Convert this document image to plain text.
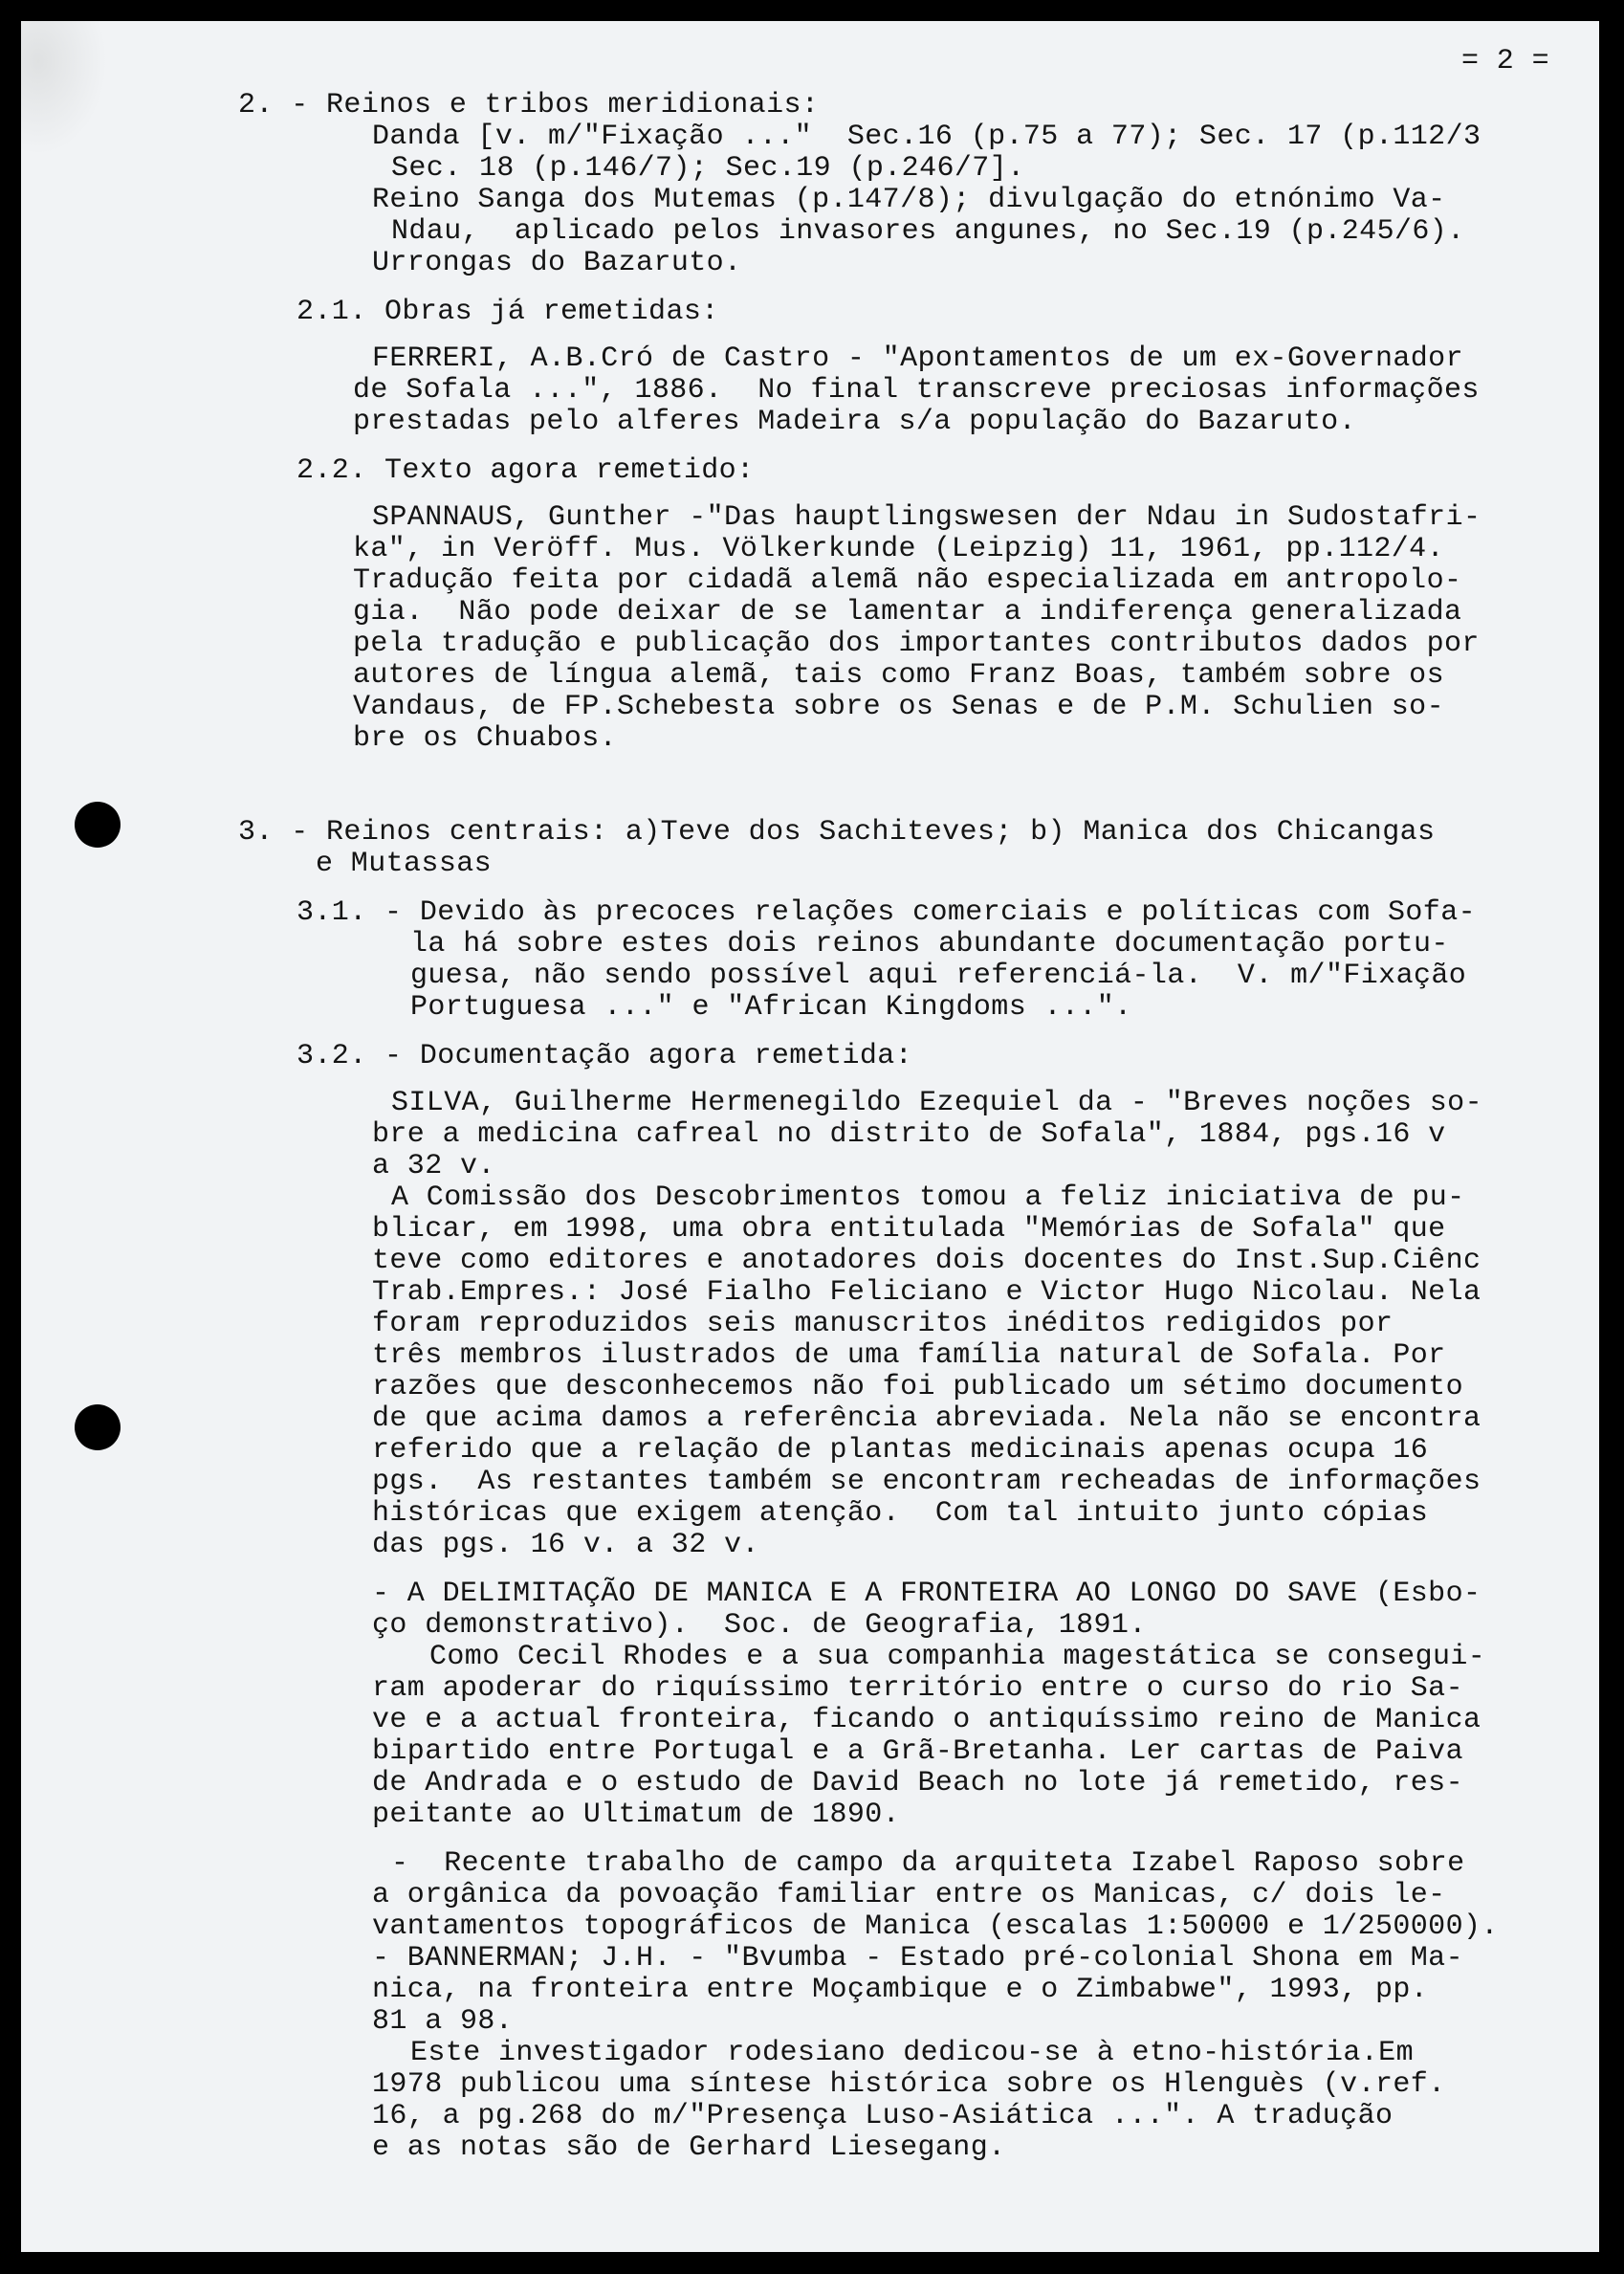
= 2 =
2. - Reinos e tribos meridionais:
Danda [v. m/"Fixação ..."  Sec.16 (p.75 a 77); Sec. 17 (p.112/3
Sec. 18 (p.146/7); Sec.19 (p.246/7].
Reino Sanga dos Mutemas (p.147/8); divulgação do etnónimo Va-
Ndau,  aplicado pelos invasores angunes, no Sec.19 (p.245/6).
Urrongas do Bazaruto.
2.1. Obras já remetidas:
FERRERI, A.B.Cró de Castro - "Apontamentos de um ex-Governador
de Sofala ...", 1886.  No final transcreve preciosas informações
prestadas pelo alferes Madeira s/a população do Bazaruto.
2.2. Texto agora remetido:
SPANNAUS, Gunther -"Das hauptlingswesen der Ndau in Sudostafri-
ka", in Veröff. Mus. Völkerkunde (Leipzig) 11, 1961, pp.112/4.
Tradução feita por cidadã alemã não especializada em antropolo-
gia.  Não pode deixar de se lamentar a indiferença generalizada
pela tradução e publicação dos importantes contributos dados por
autores de língua alemã, tais como Franz Boas, também sobre os
Vandaus, de FP.Schebesta sobre os Senas e de P.M. Schulien so-
bre os Chuabos.
3. - Reinos centrais: a)Teve dos Sachiteves; b) Manica dos Chicangas
e Mutassas
3.1. - Devido às precoces relações comerciais e políticas com Sofa-
la há sobre estes dois reinos abundante documentação portu-
guesa, não sendo possível aqui referenciá-la.  V. m/"Fixação
Portuguesa ..." e "African Kingdoms ...".
3.2. - Documentação agora remetida:
SILVA, Guilherme Hermenegildo Ezequiel da - "Breves noções so-
bre a medicina cafreal no distrito de Sofala", 1884, pgs.16 v
a 32 v.
A Comissão dos Descobrimentos tomou a feliz iniciativa de pu-
blicar, em 1998, uma obra entitulada "Memórias de Sofala" que
teve como editores e anotadores dois docentes do Inst.Sup.Ciênc
Trab.Empres.: José Fialho Feliciano e Victor Hugo Nicolau. Nela
foram reproduzidos seis manuscritos inéditos redigidos por
três membros ilustrados de uma família natural de Sofala. Por
razões que desconhecemos não foi publicado um sétimo documento
de que acima damos a referência abreviada. Nela não se encontra
referido que a relação de plantas medicinais apenas ocupa 16
pgs.  As restantes também se encontram recheadas de informações
históricas que exigem atenção.  Com tal intuito junto cópias
das pgs. 16 v. a 32 v.
- A DELIMITAÇÃO DE MANICA E A FRONTEIRA AO LONGO DO SAVE (Esbo-
ço demonstrativo).  Soc. de Geografia, 1891.
Como Cecil Rhodes e a sua companhia magestática se consegui-
ram apoderar do riquíssimo território entre o curso do rio Sa-
ve e a actual fronteira, ficando o antiquíssimo reino de Manica
bipartido entre Portugal e a Grã-Bretanha. Ler cartas de Paiva
de Andrada e o estudo de David Beach no lote já remetido, res-
peitante ao Ultimatum de 1890.
-  Recente trabalho de campo da arquiteta Izabel Raposo sobre
a orgânica da povoação familiar entre os Manicas, c/ dois le-
vantamentos topográficos de Manica (escalas 1:50000 e 1/250000).
- BANNERMAN; J.H. - "Bvumba - Estado pré-colonial Shona em Ma-
nica, na fronteira entre Moçambique e o Zimbabwe", 1993, pp.
81 a 98.
Este investigador rodesiano dedicou-se à etno-história.Em
1978 publicou uma síntese histórica sobre os Hlenguès (v.ref.
16, a pg.268 do m/"Presença Luso-Asiática ...". A tradução
e as notas são de Gerhard Liesegang.
